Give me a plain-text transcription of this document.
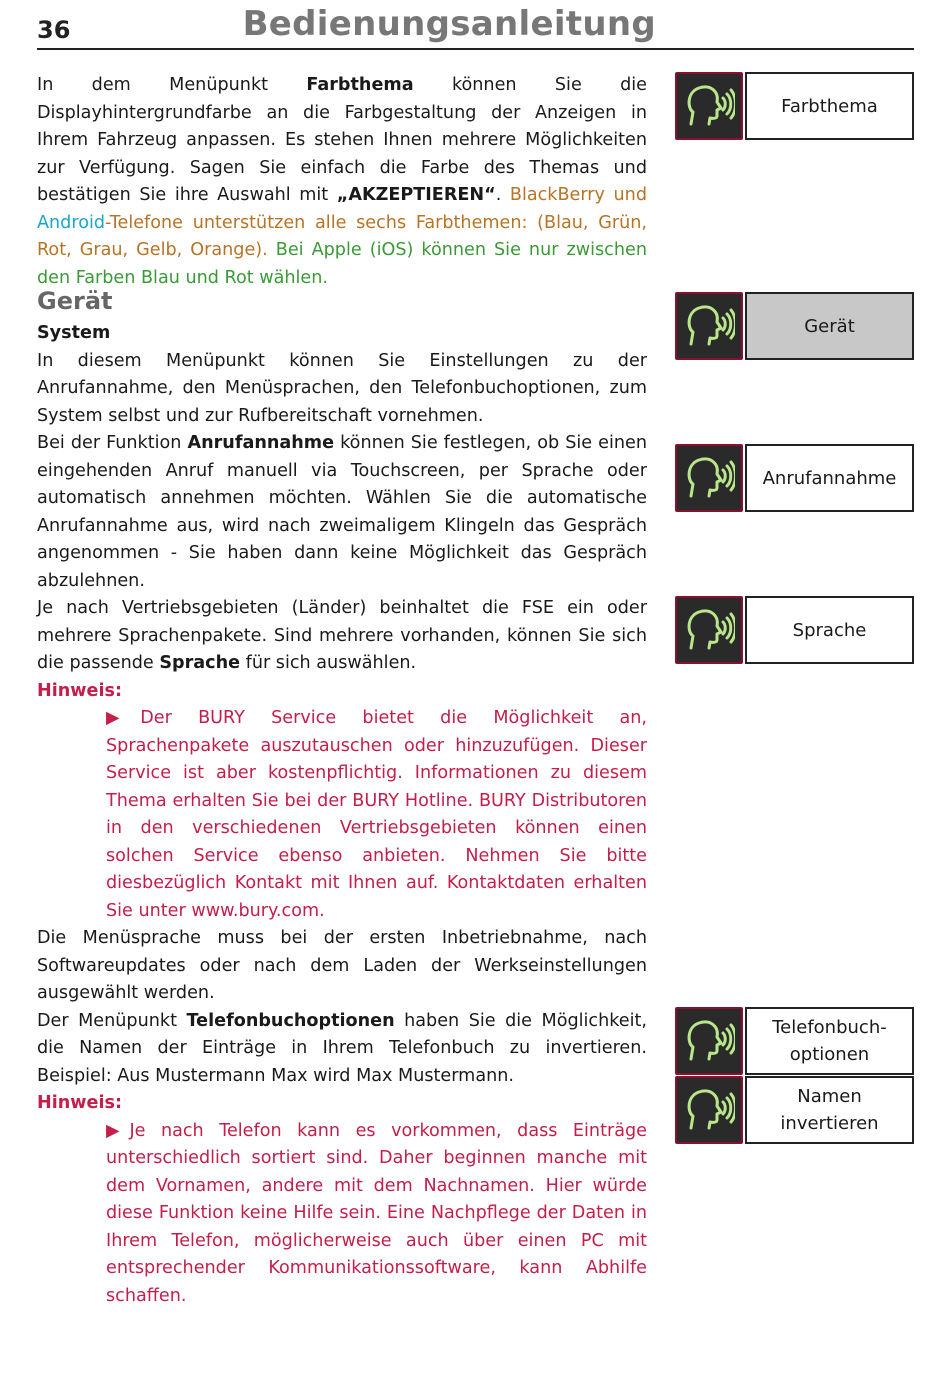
36	Bedienungsanleitung

In dem Menüpunkt Farbthema können Sie die Displayhintergrundfarbe an die Farbgestaltung der Anzeigen in Ihrem Fahrzeug anpassen. Es stehen Ihnen mehrere Möglichkeiten zur Verfügung. Sagen Sie einfach die Farbe des Themas und bestätigen Sie ihre Auswahl mit „AKZEPTIEREN“. BlackBerry und Android-Telefone unterstützen alle sechs Farbthemen: (Blau, Grün, Rot, Grau, Gelb, Orange). Bei Apple (iOS) können Sie nur zwischen den Farben Blau und Rot wählen.

Gerät

System

In diesem Menüpunkt können Sie Einstellungen zu der Anrufannahme, den Menüsprachen, den Telefonbuchoptionen, zum System selbst und zur Rufbereitschaft vornehmen.

Bei der Funktion Anrufannahme können Sie festlegen, ob Sie einen eingehenden Anruf manuell via Touchscreen, per Sprache oder automatisch annehmen möchten. Wählen Sie die automatische Anrufannahme aus, wird nach zweimaligem Klingeln das Gespräch angenommen - Sie haben dann keine Möglichkeit das Gespräch abzulehnen.

Je nach Vertriebsgebieten (Länder) beinhaltet die FSE ein oder mehrere Sprachenpakete. Sind mehrere vorhanden, können Sie sich die passende Sprache für sich auswählen.

Hinweis:

▶Der BURY Service bietet die Möglichkeit an, Sprachenpakete auszutauschen oder hinzuzufügen. Dieser Service ist aber kostenpflichtig. Informationen zu diesem Thema erhalten Sie bei der BURY Hotline. BURY Distributoren in den verschiedenen Vertriebsgebieten können einen solchen Service ebenso anbieten. Nehmen Sie bitte diesbezüglich Kontakt mit Ihnen auf. Kontaktdaten erhalten Sie unter www.bury.com.

Die Menüsprache muss bei der ersten Inbetriebnahme, nach Softwareupdates oder nach dem Laden der Werkseinstellungen ausgewählt werden.

Der Menüpunkt Telefonbuchoptionen haben Sie die Möglichkeit, die Namen der Einträge in Ihrem Telefonbuch zu invertieren. Beispiel: Aus Mustermann Max wird Max Mustermann.

Hinweis:

▶Je nach Telefon kann es vorkommen, dass Einträge unterschiedlich sortiert sind. Daher beginnen manche mit dem Vornamen, andere mit dem Nachnamen. Hier würde diese Funktion keine Hilfe sein. Eine Nachpflege der Daten in Ihrem Telefon, möglicherweise auch über einen PC mit entsprechender Kommunikationssoftware, kann Abhilfe schaffen.

Farbthema
Gerät
Anrufannahme
Sprache
Telefonbuch-
optionen
Namen invertieren
